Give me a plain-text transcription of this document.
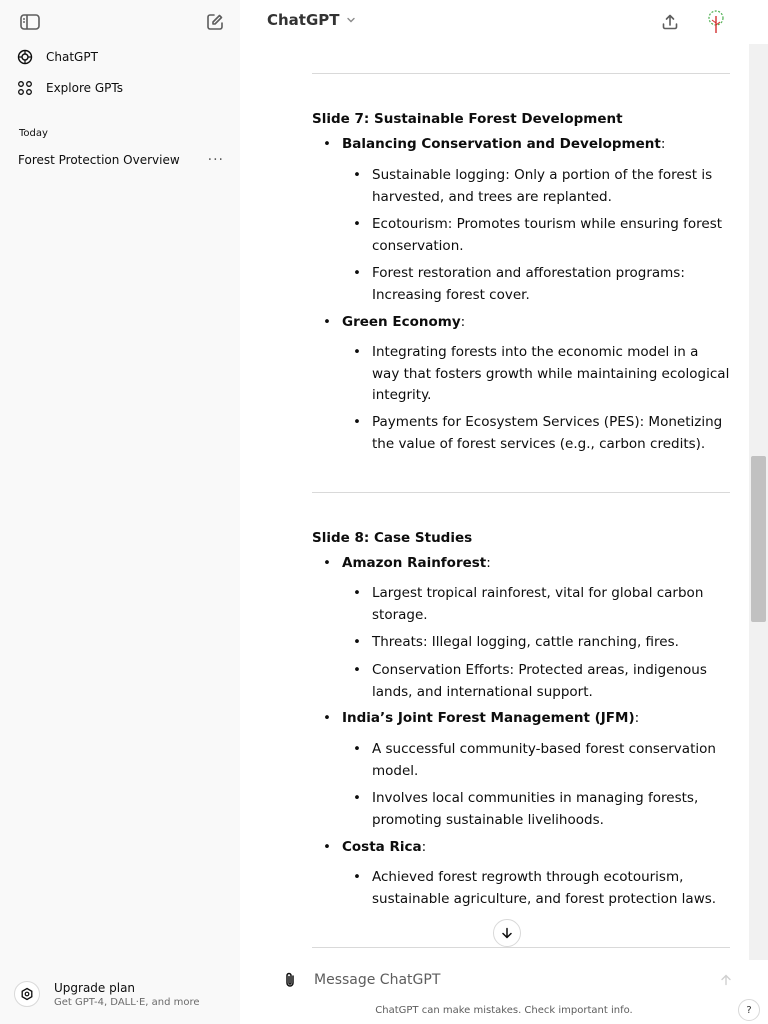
ChatGPT
Explore GPTs
Today
Forest Protection Overview ···
Upgrade plan
Get GPT-4, DALL·E, and more
ChatGPT
Slide 7: Sustainable Forest Development
• Balancing Conservation and Development:
• Sustainable logging: Only a portion of the forest is harvested, and trees are replanted.
• Ecotourism: Promotes tourism while ensuring forest conservation.
• Forest restoration and afforestation programs: Increasing forest cover.
• Green Economy:
• Integrating forests into the economic model in a way that fosters growth while maintaining ecological integrity.
• Payments for Ecosystem Services (PES): Monetizing the value of forest services (e.g., carbon credits).
Slide 8: Case Studies
• Amazon Rainforest:
• Largest tropical rainforest, vital for global carbon storage.
• Threats: Illegal logging, cattle ranching, fires.
• Conservation Efforts: Protected areas, indigenous lands, and international support.
• India’s Joint Forest Management (JFM):
• A successful community-based forest conservation model.
• Involves local communities in managing forests, promoting sustainable livelihoods.
• Costa Rica:
• Achieved forest regrowth through ecotourism, sustainable agriculture, and forest protection laws.
Message ChatGPT
ChatGPT can make mistakes. Check important info.	?
